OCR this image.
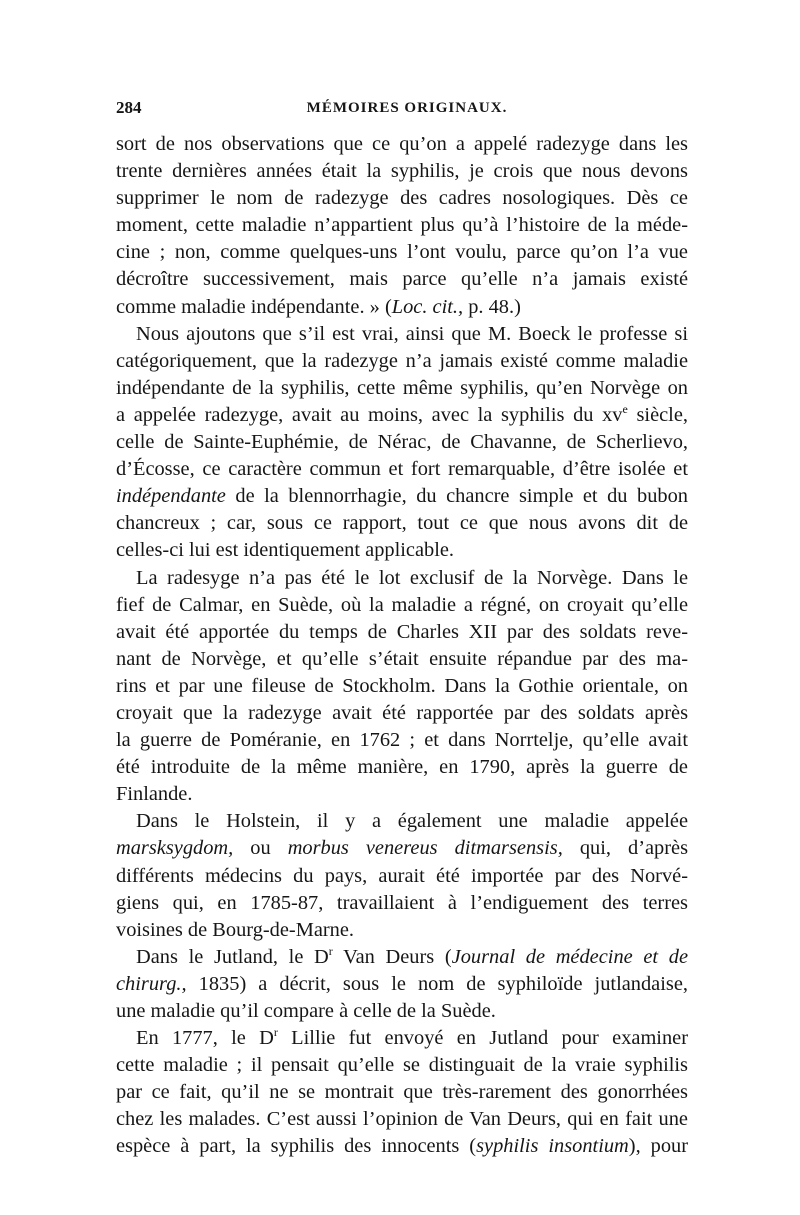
284	MÉMOIRES ORIGINAUX.

sort de nos observations que ce qu’on a appelé radezyge dans les
trente dernières années était la syphilis, je crois que nous devons
supprimer le nom de radezyge des cadres nosologiques. Dès ce
moment, cette maladie n’appartient plus qu’à l’histoire de la méde-
cine ; non, comme quelques-uns l’ont voulu, parce qu’on l’a vue
décroître successivement, mais parce qu’elle n’a jamais existé
comme maladie indépendante. » (Loc. cit., p. 48.)

Nous ajoutons que s’il est vrai, ainsi que M. Boeck le professe si
catégoriquement, que la radezyge n’a jamais existé comme maladie
indépendante de la syphilis, cette même syphilis, qu’en Norvège on
a appelée radezyge, avait au moins, avec la syphilis du $xv^e$ siècle,
celle de Sainte-Euphémie, de Nérac, de Chavanne, de Scherlievo,
d’Écosse, ce caractère commun et fort remarquable, d’être isolée et
indépendante de la blennorrhagie, du chancre simple et du bubon
chancreux ; car, sous ce rapport, tout ce que nous avons dit de
celles-ci lui est identiquement applicable.

La radesyge n’a pas été le lot exclusif de la Norvège. Dans le
fief de Calmar, en Suède, où la maladie a régné, on croyait qu’elle
avait été apportée du temps de Charles XII par des soldats reve-
nant de Norvège, et qu’elle s’était ensuite répandue par des ma-
rins et par une fileuse de Stockholm. Dans la Gothie orientale, on
croyait que la radezyge avait été rapportée par des soldats après
la guerre de Poméranie, en 1762 ; et dans Norrtelje, qu’elle avait
été introduite de la même manière, en 1790, après la guerre de
Finlande.

Dans le Holstein, il y a également une maladie appelée
marsksygdom, ou morbus venereus ditmarsensis, qui, d’après
différents médecins du pays, aurait été importée par des Norvé-
giens qui, en 1785-87, travaillaient à l’endiguement des terres
voisines de Bourg-de-Marne.

Dans le Jutland, le $D^r$ Van Deurs (Journal de médecine et de
chirurg., 1835) a décrit, sous le nom de syphiloïde jutlandaise,
une maladie qu’il compare à celle de la Suède.

En 1777, le $D^r$ Lillie fut envoyé en Jutland pour examiner
cette maladie ; il pensait qu’elle se distinguait de la vraie syphilis
par ce fait, qu’il ne se montrait que très-rarement des gonorrhées
chez les malades. C’est aussi l’opinion de Van Deurs, qui en fait une
espèce à part, la syphilis des innocents (syphilis insontium), pour
